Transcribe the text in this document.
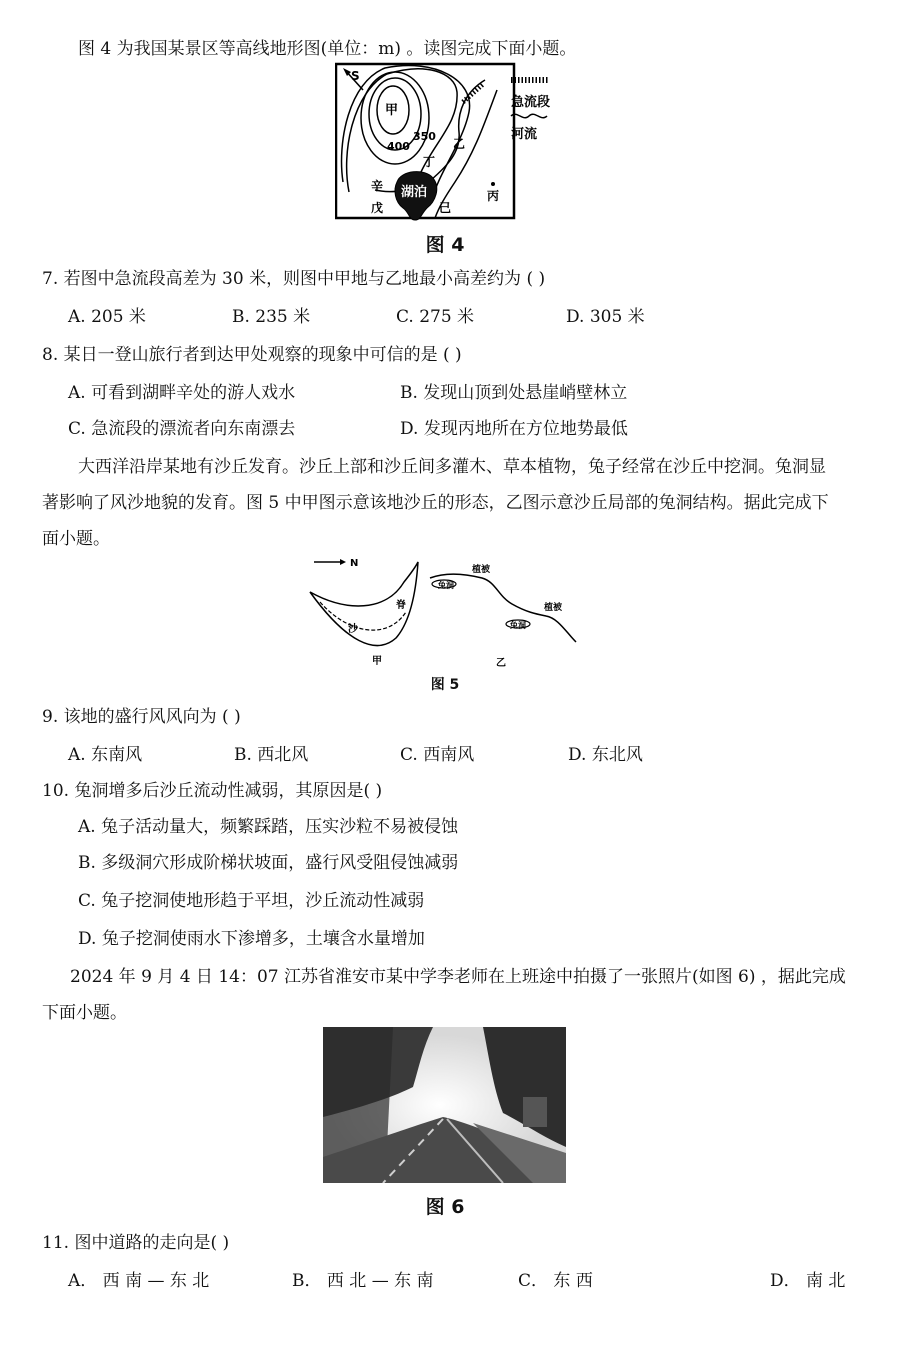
图 4 为我国某景区等高线地形图(单位：m) 。读图完成下面小题。
S
湖泊
甲
350
400
丁
乙
辛
戊	己
丙
急流段
河流
图 4
7. 若图中急流段高差为 30 米，则图中甲地与乙地最小高差约为 ( )
A. 205 米	B. 235 米	C. 275 米	D. 305 米
8. 某日一登山旅行者到达甲处观察的现象中可信的是 ( )
A. 可看到湖畔辛处的游人戏水	B. 发现山顶到处悬崖峭壁林立
C. 急流段的漂流者向东南漂去	D. 发现丙地所在方位地势最低
大西洋沿岸某地有沙丘发育。沙丘上部和沙丘间多灌木、草本植物，兔子经常在沙丘中挖洞。兔洞显
著影响了风沙地貌的发育。图 5 中甲图示意该地沙丘的形态，乙图示意沙丘局部的兔洞结构。据此完成下
面小题。
N
沙
脊
甲
兔洞
兔洞
植被
植被
乙
图 5
9. 该地的盛行风风向为 ( )
A. 东南风	B. 西北风	C. 西南风	D. 东北风
10. 兔洞增多后沙丘流动性减弱，其原因是( )
A. 兔子活动量大，频繁踩踏，压实沙粒不易被侵蚀
B. 多级洞穴形成阶梯状坡面，盛行风受阻侵蚀减弱
C. 兔子挖洞使地形趋于平坦，沙丘流动性减弱
D. 兔子挖洞使雨水下渗增多，土壤含水量增加
2024 年 9 月 4 日 14：07 江苏省淮安市某中学李老师在上班途中拍摄了一张照片(如图 6) ，据此完成
下面小题。
图 6
11. 图中道路的走向是( )
A． 西 南 — 东 北	B． 西 北 — 东 南	C． 东 西	D． 南 北
